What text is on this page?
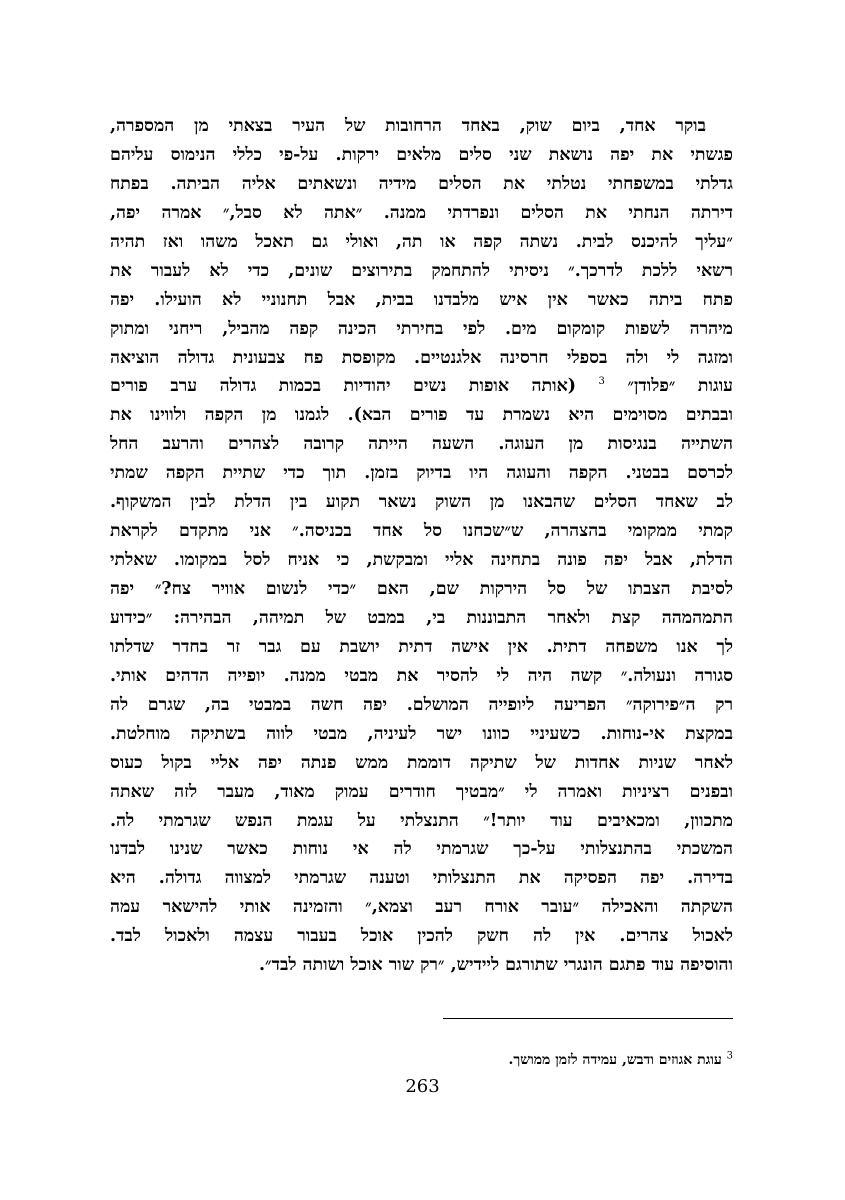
בוקר אחד, ביום שוק, באחד הרחובות של העיר בצאתי מן המספרה,
פגשתי את יפה נושאת שני סלים מלאים ירקות. על-פי כללי הנימוס עליהם
גדלתי במשפחתי נטלתי את הסלים מידיה ונשאתים אליה הביתה. בפתח
דירתה הנחתי את הסלים ונפרדתי ממנה. ״אתה לא סבל,״ אמרה יפה,
״עליך להיכנס לבית. נשתה קפה או תה, ואולי גם תאכל משהו ואז תהיה
רשאי ללכת לדרכך.״ ניסיתי להתחמק בתירוצים שונים, כדי לא לעבור את
פתח ביתה כאשר אין איש מלבדנו בבית, אבל תחנוניי לא הועילו. יפה
מיהרה לשפות קומקום מים. לפי בחירתי הכינה קפה מהביל, ריחני ומתוק
ומזגה לי ולה בספלי חרסינה אלגנטיים. מקופסת פח צבעונית גדולה הוציאה
עוגות ״פלודן״ $^3$ (אותה אופות נשים יהודיות בכמות גדולה ערב פורים
ובבתים מסוימים היא נשמרת עד פורים הבא). לגמנו מן הקפה ולווינו את
השתייה בנגיסות מן העוגה. השעה הייתה קרובה לצהרים והרעב החל
לכרסם בבטני. הקפה והעוגה היו בדיוק בזמן. תוך כדי שתיית הקפה שמתי
לב שאחד הסלים שהבאנו מן השוק נשאר תקוע בין הדלת לבין המשקוף.
קמתי ממקומי בהצהרה, ש״שכחנו סל אחד בכניסה.״ אני מתקדם לקראת
הדלת, אבל יפה פונה בתחינה אליי ומבקשת, כי אניח לסל במקומו. שאלתי
לסיבת הצבתו של סל הירקות שם, האם ״כדי לנשום אוויר צח?״ יפה
התמהמהה קצת ולאחר התבוננות בי, במבט של תמיהה, הבהירה: ״כידוע
לך אנו משפחה דתית. אין אישה דתית יושבת עם גבר זר בחדר שדלתו
סגורה ונעולה.״ קשה היה לי להסיר את מבטי ממנה. יופייה הדהים אותי.
רק ה״פירוקה״ הפריעה ליופייה המושלם. יפה חשה במבטי בה, שגרם לה
במקצת אי-נוחות. כשעיניי כוונו ישר לעיניה, מבטי לווה בשתיקה מוחלטת.
לאחר שניות אחדות של שתיקה דוממת ממש פנתה יפה אליי בקול כעוס
ובפנים רציניות ואמרה לי ״מבטיך חודרים עמוק מאוד, מעבר לזה שאתה
מתכוון, ומכאיבים עוד יותר!״ התנצלתי על עגמת הנפש שגרמתי לה.
המשכתי בהתנצלותי על-כך שגרמתי לה אי נוחות כאשר שנינו לבדנו
בדירה. יפה הפסיקה את התנצלותי וטענה שגרמתי למצווה גדולה. היא
השקתה והאכילה ״עובר אורח רעב וצמא,״ והזמינה אותי להישאר עמה
לאכול צהרים. אין לה חשק להכין אוכל בעבור עצמה ולאכול לבד.
והוסיפה עוד פתגם הונגרי שתורגם ליידיש, ״רק שור אוכל ושותה לבד״.
$^3$ עוגת אגוזים ודבש, עמידה לזמן ממושך.
263
